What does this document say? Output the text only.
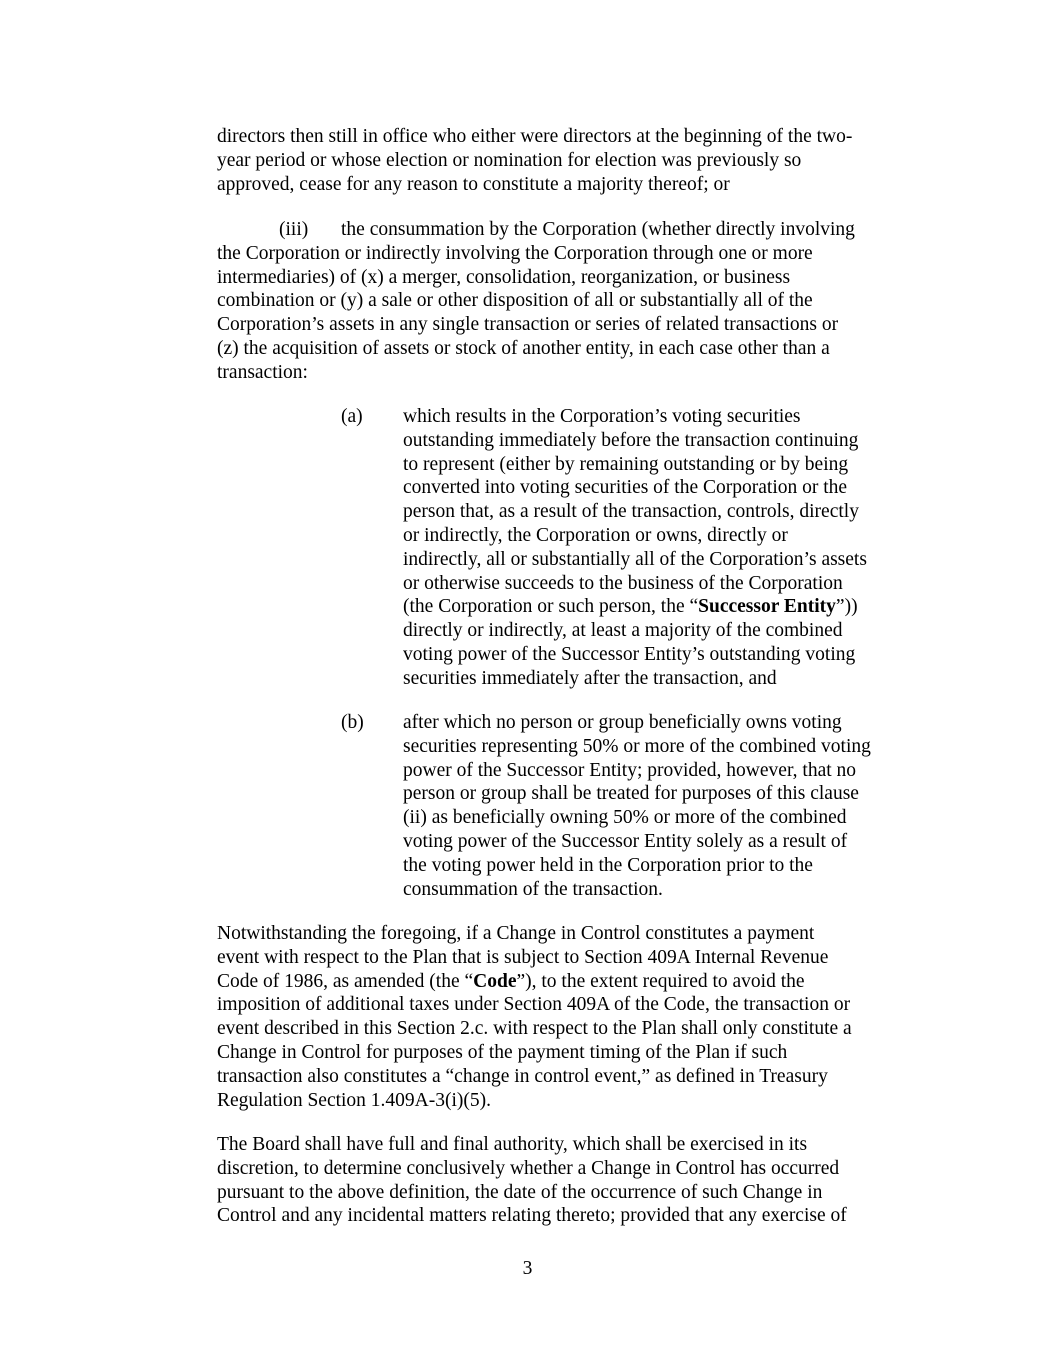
directors then still in office who either were directors at the beginning of the two-
year period or whose election or nomination for election was previously so
approved, cease for any reason to constitute a majority thereof; or
(iii) the consummation by the Corporation (whether directly involving
the Corporation or indirectly involving the Corporation through one or more
intermediaries) of (x) a merger, consolidation, reorganization, or business
combination or (y) a sale or other disposition of all or substantially all of the
Corporation’s assets in any single transaction or series of related transactions or
(z) the acquisition of assets or stock of another entity, in each case other than a
transaction:
(a) which results in the Corporation’s voting securities
outstanding immediately before the transaction continuing
to represent (either by remaining outstanding or by being
converted into voting securities of the Corporation or the
person that, as a result of the transaction, controls, directly
or indirectly, the Corporation or owns, directly or
indirectly, all or substantially all of the Corporation’s assets
or otherwise succeeds to the business of the Corporation
(the Corporation or such person, the “Successor Entity”))
directly or indirectly, at least a majority of the combined
voting power of the Successor Entity’s outstanding voting
securities immediately after the transaction, and
(b) after which no person or group beneficially owns voting
securities representing 50% or more of the combined voting
power of the Successor Entity; provided, however, that no
person or group shall be treated for purposes of this clause
(ii) as beneficially owning 50% or more of the combined
voting power of the Successor Entity solely as a result of
the voting power held in the Corporation prior to the
consummation of the transaction.
Notwithstanding the foregoing, if a Change in Control constitutes a payment
event with respect to the Plan that is subject to Section 409A Internal Revenue
Code of 1986, as amended (the “Code”), to the extent required to avoid the
imposition of additional taxes under Section 409A of the Code, the transaction or
event described in this Section 2.c. with respect to the Plan shall only constitute a
Change in Control for purposes of the payment timing of the Plan if such
transaction also constitutes a “change in control event,” as defined in Treasury
Regulation Section 1.409A-3(i)(5).
The Board shall have full and final authority, which shall be exercised in its
discretion, to determine conclusively whether a Change in Control has occurred
pursuant to the above definition, the date of the occurrence of such Change in
Control and any incidental matters relating thereto; provided that any exercise of
3
